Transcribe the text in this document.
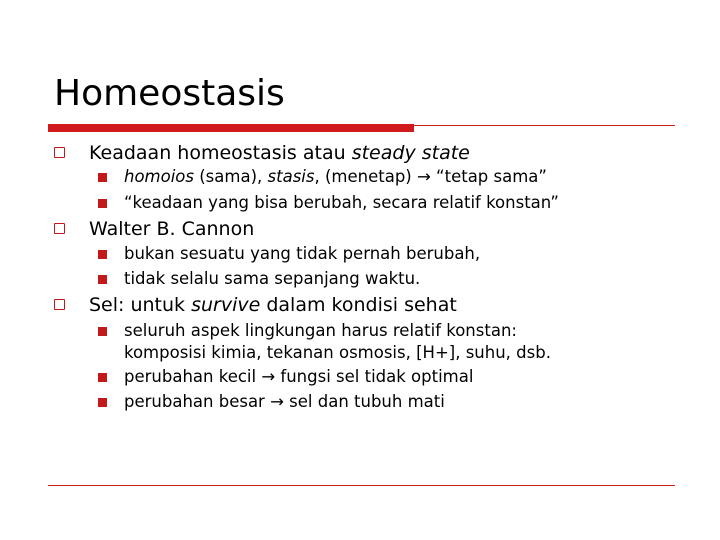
Homeostasis
Keadaan homeostasis atau steady state
homoios (sama), stasis, (menetap) → “tetap sama”
“keadaan yang bisa berubah, secara relatif konstan”
Walter B. Cannon
bukan sesuatu yang tidak pernah berubah,
tidak selalu sama sepanjang waktu.
Sel: untuk survive dalam kondisi sehat
seluruh aspek lingkungan harus relatif konstan:
komposisi kimia, tekanan osmosis, [H+], suhu, dsb.
perubahan kecil → fungsi sel tidak optimal
perubahan besar → sel dan tubuh mati
